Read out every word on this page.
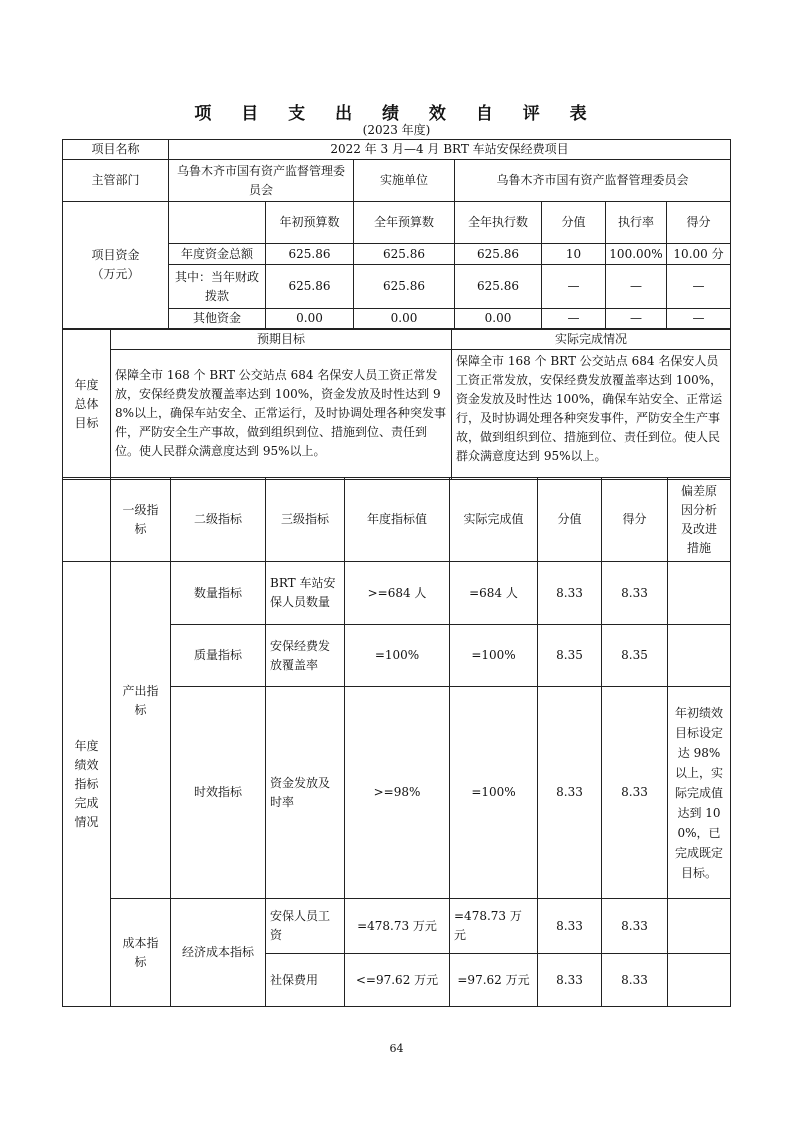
项 目 支 出 绩 效 自 评 表
(2023 年度)
项目名称	2022 年 3 月—4 月 BRT 车站安保经费项目						
主管部门	乌鲁木齐市国有资产监督管理委员会		实施单位	乌鲁木齐市国有资产监督管理委员会			
项目资金
（万元）		年初预算数	全年预算数	全年执行数	分值	执行率	得分
	年度资金总额	625.86	625.86	625.86	10	100.00%	10.00 分
	其中：当年财政拨款	625.86	625.86	625.86	—	—	—
	其他资金	0.00	0.00	0.00	—	—	—
年度总体目标	预期目标	实际完成情况
	保障全市 168 个 BRT 公交站点 684 名保安人员工资正常发放，安保经费发放覆盖率达到 100%，资金发放及时性达到 98%以上，确保车站安全、正常运行，及时协调处理各种突发事件，严防安全生产事故，做到组织到位、措施到位、责任到位。使人民群众满意度达到 95%以上。	保障全市 168 个 BRT 公交站点 684 名保安人员工资正常发放，安保经费发放覆盖率达到 100%，资金发放及时性达 100%，确保车站安全、正常运行，及时协调处理各种突发事件，严防安全生产事故，做到组织到位、措施到位、责任到位。使人民群众满意度达到 95%以上。
	一级指标	二级指标	三级指标	年度指标值	实际完成值	分值	得分	偏差原因分析及改进措施
年度绩效指标完成情况	产出指标	数量指标	BRT 车站安保人员数量	>=684 人	=684 人	8.33	8.33	
		质量指标	安保经费发放覆盖率	=100%	=100%	8.35	8.35	
		时效指标	资金发放及时率	>=98%	=100%	8.33	8.33	年初绩效目标设定达 98%以上，实际完成值达到 100%，已完成既定目标。
	成本指标	经济成本指标	安保人员工资	=478.73 万元	=478.73 万元	8.33	8.33	
			社保费用	<=97.62 万元	=97.62 万元	8.33	8.33	
64
